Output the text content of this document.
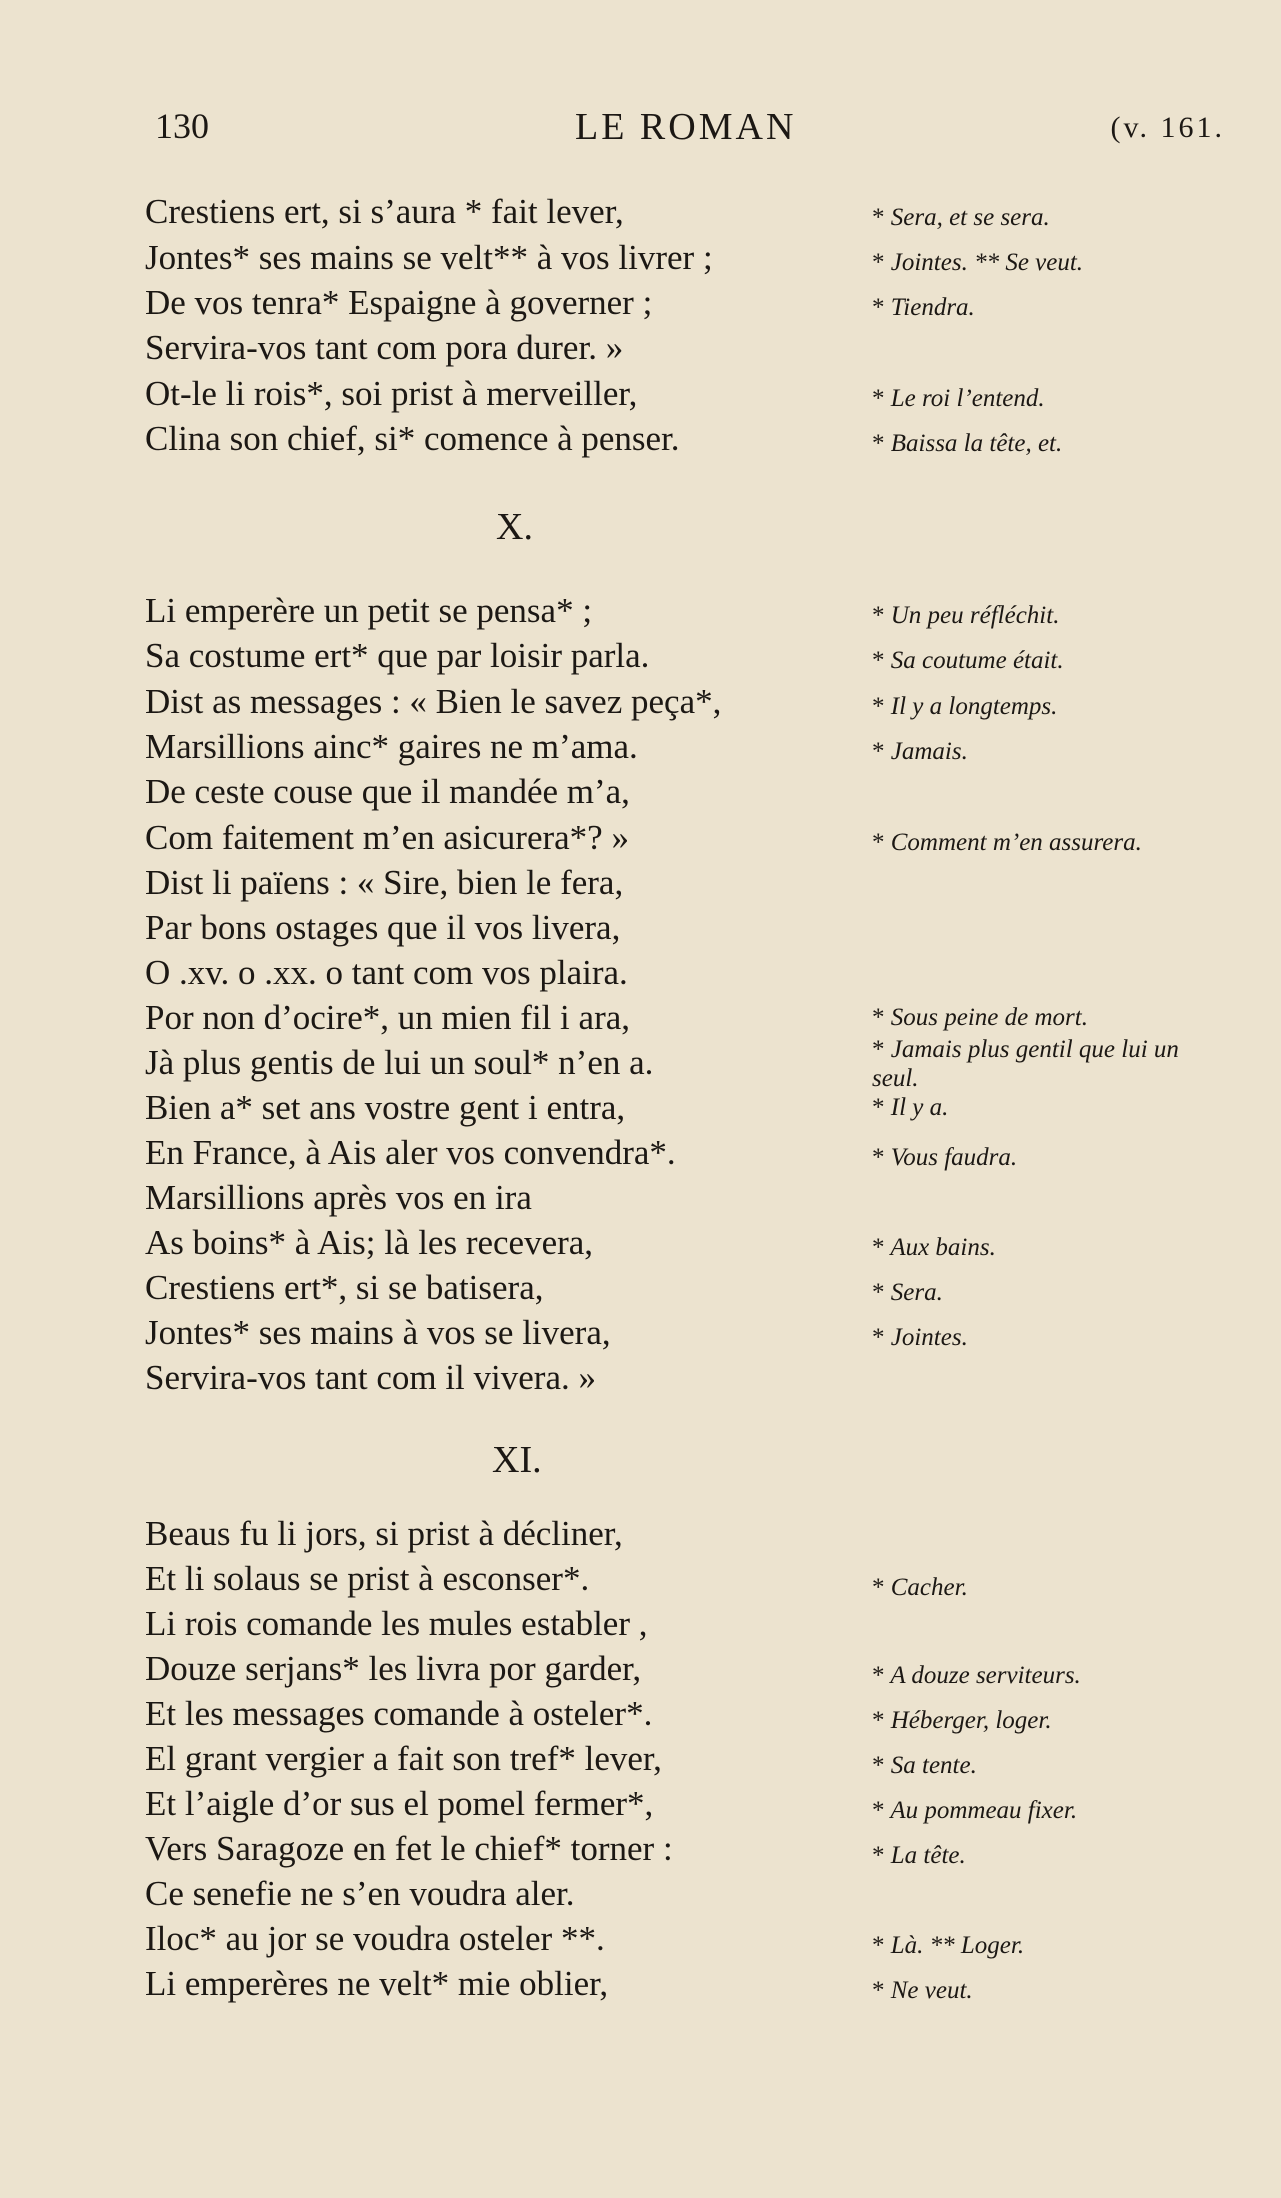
130	LE ROMAN	(v. 161.
Crestiens ert, si s’aura * fait lever,
Jontes* ses mains se velt** à vos livrer ;
De vos tenra* Espaigne à governer ;
Servira-vos tant com pora durer. »
Ot-le li rois*, soi prist à merveiller,
Clina son chief, si* comence à penser.
X.
Li emperère un petit se pensa* ;
Sa costume ert* que par loisir parla.
Dist as messages : « Bien le savez peça*,
Marsillions ainc* gaires ne m’ama.
De ceste couse que il mandée m’a,
Com faitement m’en asicurera*? »
Dist li païens : « Sire, bien le fera,
Par bons ostages que il vos livera,
O .xv. o .xx. o tant com vos plaira.
Por non d’ocire*, un mien fil i ara,
Jà plus gentis de lui un soul* n’en a.
Bien a* set ans vostre gent i entra,
En France, à Ais aler vos convendra*.
Marsillions après vos en ira
As boins* à Ais; là les recevera,
Crestiens ert*, si se batisera,
Jontes* ses mains à vos se livera,
Servira-vos tant com il vivera. »
XI.
Beaus fu li jors, si prist à décliner,
Et li solaus se prist à esconser*.
Li rois comande les mules establer ,
Douze serjans* les livra por garder,
Et les messages comande à osteler*.
El grant vergier a fait son tref* lever,
Et l’aigle d’or sus el pomel fermer*,
Vers Saragoze en fet le chief* torner :
Ce senefie ne s’en voudra aler.
Iloc* au jor se voudra osteler **.
Li emperères ne velt* mie oblier,
* Sera, et se sera.
* Jointes. ** Se veut.
* Tiendra.
* Le roi l’entend.
* Baissa la tête, et.
* Un peu réfléchit.
* Sa coutume était.
* Il y a longtemps.
* Jamais.
* Comment m’en assurera.
* Sous peine de mort.
* Jamais plus gentil que lui un seul.
* Il y a.
* Vous faudra.
* Aux bains.
* Sera.
* Jointes.
* Cacher.
* A douze serviteurs.
* Héberger, loger.
* Sa tente.
* Au pommeau fixer.
* La tête.
* Là. ** Loger.
* Ne veut.
